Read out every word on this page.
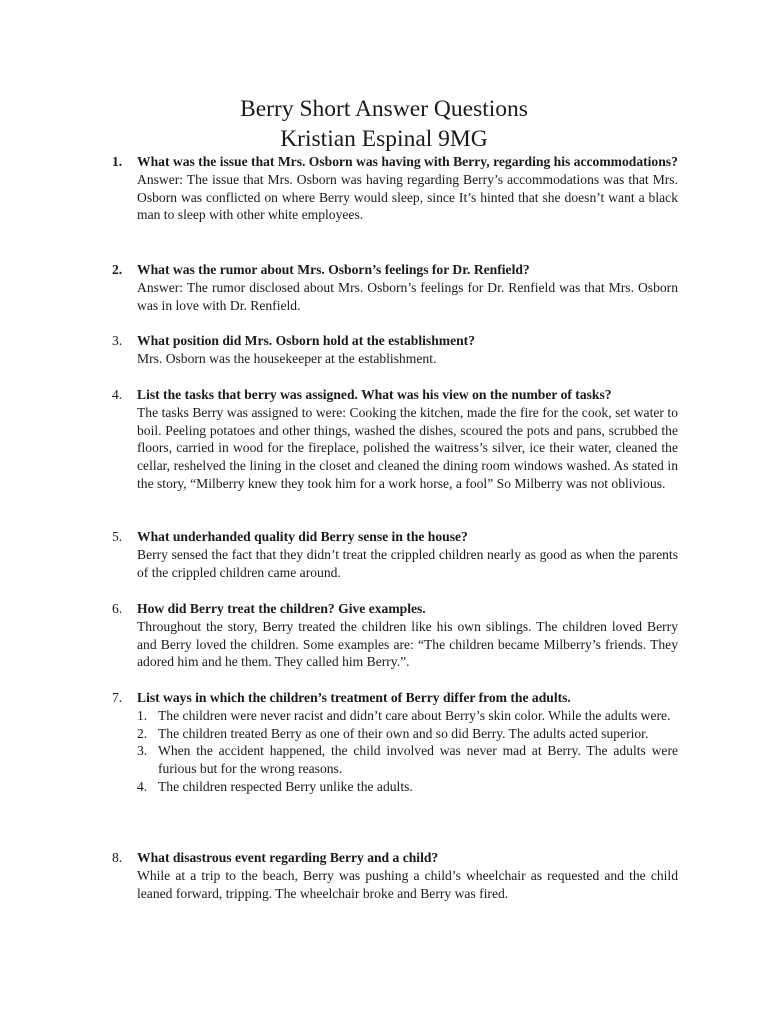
Berry Short Answer Questions

Kristian Espinal 9MG

1.	What was the issue that Mrs. Osborn was having with Berry, regarding his accommodations?
Answer: The issue that Mrs. Osborn was having regarding Berry’s accommodations was that Mrs. Osborn was conflicted on where Berry would sleep, since It’s hinted that she doesn’t want a black man to sleep with other white employees.
2.	What was the rumor about Mrs. Osborn’s feelings for Dr. Renfield?
Answer: The rumor disclosed about Mrs. Osborn’s feelings for Dr. Renfield was that Mrs. Osborn was in love with Dr. Renfield.
3.	What position did Mrs. Osborn hold at the establishment?
Mrs. Osborn was the housekeeper at the establishment.
4.	List the tasks that berry was assigned. What was his view on the number of tasks?
The tasks Berry was assigned to were: Cooking the kitchen, made the fire for the cook, set water to boil. Peeling potatoes and other things, washed the dishes, scoured the pots and pans, scrubbed the floors, carried in wood for the fireplace, polished the waitress’s silver, ice their water, cleaned the cellar, reshelved the lining in the closet and cleaned the dining room windows washed. As stated in the story, “Milberry knew they took him for a work horse, a fool” So Milberry was not oblivious.
5.	What underhanded quality did Berry sense in the house?
Berry sensed the fact that they didn’t treat the crippled children nearly as good as when the parents of the crippled children came around.
6.	How did Berry treat the children? Give examples.
Throughout the story, Berry treated the children like his own siblings. The children loved Berry and Berry loved the children. Some examples are: “The children became Milberry’s friends. They adored him and he them. They called him Berry.”.
7.	List ways in which the children’s treatment of Berry differ from the adults.
1. The children were never racist and didn’t care about Berry’s skin color. While the adults were.
2. The children treated Berry as one of their own and so did Berry. The adults acted superior.
3. When the accident happened, the child involved was never mad at Berry. The adults were furious but for the wrong reasons.
4. The children respected Berry unlike the adults.
8.	What disastrous event regarding Berry and a child?
While at a trip to the beach, Berry was pushing a child’s wheelchair as requested and the child leaned forward, tripping. The wheelchair broke and Berry was fired.
